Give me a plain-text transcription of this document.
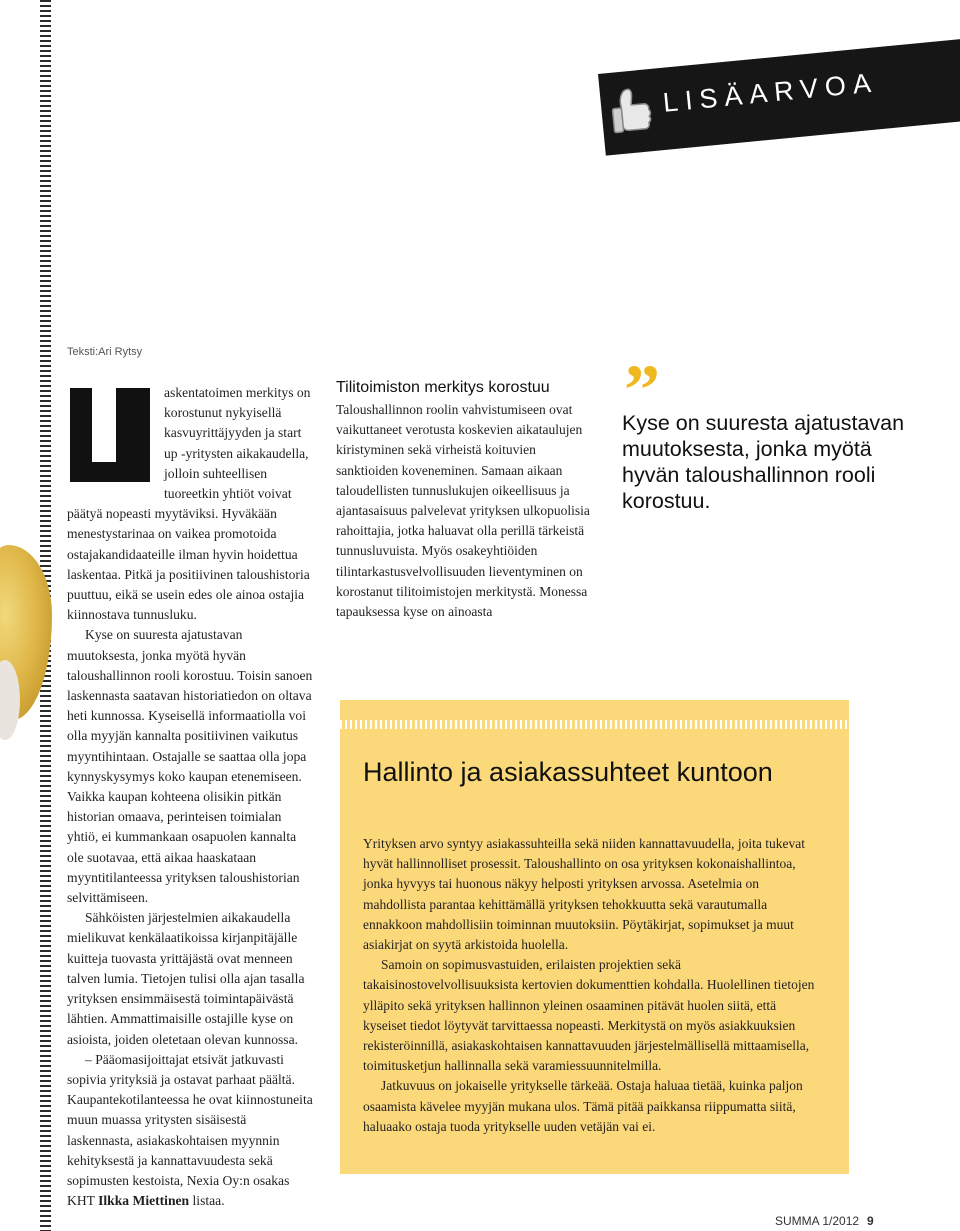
LISÄARVOA
Teksti:Ari Rytsy

askentatoimen merkitys on korostunut nykyisellä kasvuyrittäjyyden ja start up -yritysten aikakaudella, jolloin suhteellisen tuoreetkin yhtiöt voivat päätyä nopeasti myytäviksi. Hyväkään menestystarinaa on vaikea promotoida ostajakandidaateille ilman hyvin hoidettua laskentaa. Pitkä ja positiivinen taloushistoria puuttuu, eikä se usein edes ole ainoa ostajia kiinnostava tunnusluku.

Kyse on suuresta ajatustavan muutoksesta, jonka myötä hyvän taloushallinnon rooli korostuu. Toisin sanoen laskennasta saatavan historiatiedon on oltava heti kunnossa. Kyseisellä informaatiolla voi olla myyjän kannalta positiivinen vaikutus myyntihintaan. Ostajalle se saattaa olla jopa kynnyskysymys koko kaupan etenemiseen. Vaikka kaupan kohteena olisikin pitkän historian omaava, perinteisen toimialan yhtiö, ei kummankaan osapuolen kannalta ole suotavaa, että aikaa haaskataan myyntitilanteessa yrityksen taloushistorian selvittämiseen.

Sähköisten järjestelmien aikakaudella mielikuvat kenkälaatikoissa kirjanpitäjälle kuitteja tuovasta yrittäjästä ovat menneen talven lumia. Tietojen tulisi olla ajan tasalla yrityksen ensimmäisestä toimintapäivästä lähtien. Ammattimaisille ostajille kyse on asioista, joiden oletetaan olevan kunnossa.

– Pääomasijoittajat etsivät jatkuvasti sopivia yrityksiä ja ostavat parhaat päältä. Kaupantekotilanteessa he ovat kiinnostuneita muun muassa yritysten sisäisestä laskennasta, asiakaskohtaisen myynnin kehityksestä ja kannattavuudesta sekä sopimusten kestoista, Nexia Oy:n osakas KHT Ilkka Miettinen listaa.

Tilitoimiston merkitys korostuu

Taloushallinnon roolin vahvistumiseen ovat vaikuttaneet verotusta koskevien aikataulujen kiristyminen sekä virheistä koituvien sanktioiden koveneminen. Samaan aikaan taloudellisten tunnuslukujen oikeellisuus ja ajantasaisuus palvelevat yrityksen ulkopuolisia rahoittajia, jotka haluavat olla perillä tärkeistä tunnusluvuista. Myös osakeyhtiöiden tilintarkastusvelvollisuuden lieventyminen on korostanut tilitoimistojen merkitystä. Monessa tapauksessa kyse on ainoasta

”
Kyse on suuresta ajatustavan muutoksesta, jonka myötä hyvän taloushallinnon rooli korostuu.
Hallinto ja asiakassuhteet kuntoon

Yrityksen arvo syntyy asiakassuhteilla sekä niiden kannattavuudella, joita tukevat hyvät hallinnolliset prosessit. Taloushallinto on osa yrityksen kokonaishallintoa, jonka hyvyys tai huonous näkyy helposti yrityksen arvossa. Asetelmia on mahdollista parantaa kehittämällä yrityksen tehokkuutta sekä varautumalla ennakkoon mahdollisiin toiminnan muutoksiin. Pöytäkirjat, sopimukset ja muut asiakirjat on syytä arkistoida huolella.

Samoin on sopimusvastuiden, erilaisten projektien sekä takaisinostovelvollisuuksista kertovien dokumenttien kohdalla. Huolellinen tietojen ylläpito sekä yrityksen hallinnon yleinen osaaminen pitävät huolen siitä, että kyseiset tiedot löytyvät tarvittaessa nopeasti. Merkitystä on myös asiakkuuksien rekisteröinnillä, asiakaskohtaisen kannattavuuden järjestelmällisellä mittaamisella, toimitusketjun hallinnalla sekä varamiessuunnitelmilla.

Jatkuvuus on jokaiselle yritykselle tärkeää. Ostaja haluaa tietää, kuinka paljon osaamista kävelee myyjän mukana ulos. Tämä pitää paikkansa riippumatta siitä, haluaako ostaja tuoda yritykselle uuden vetäjän vai ei.

SUMMA 1/2012 9
